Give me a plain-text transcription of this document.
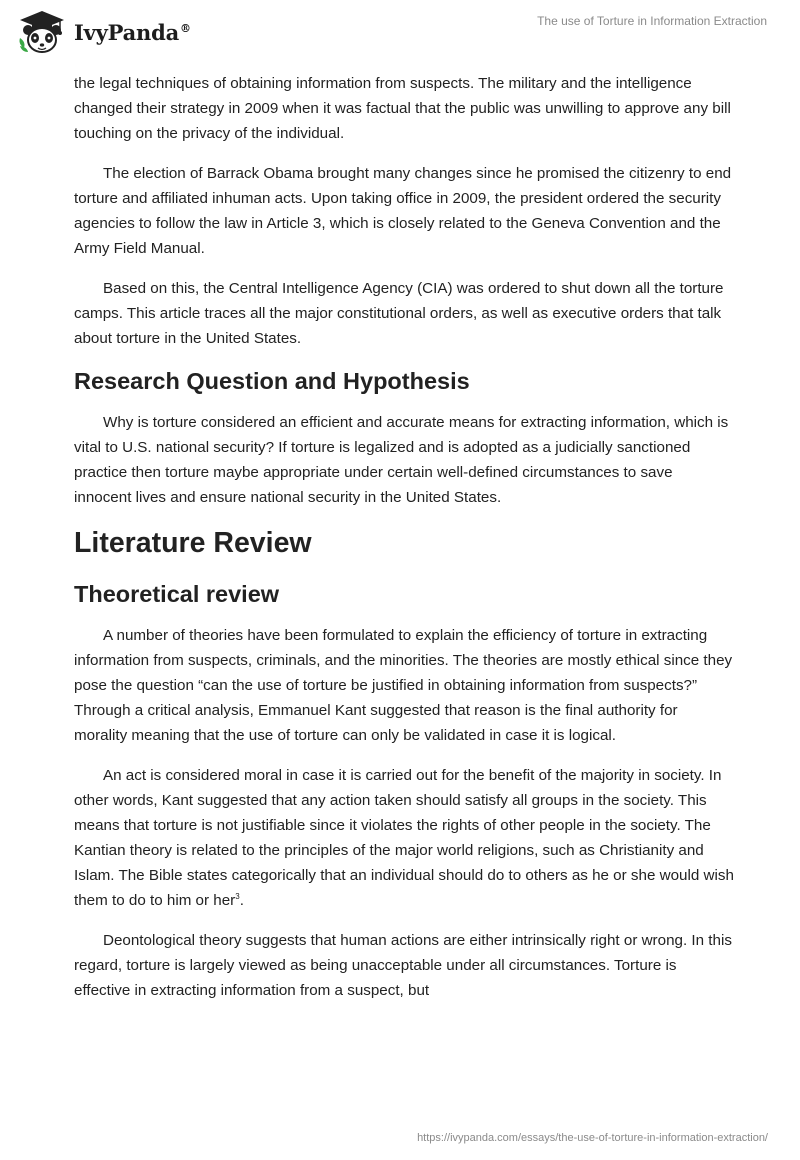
IvyPanda®	The use of Torture in Information Extraction

the legal techniques of obtaining information from suspects. The military and the intelligence changed their strategy in 2009 when it was factual that the public was unwilling to approve any bill touching on the privacy of the individual.

The election of Barrack Obama brought many changes since he promised the citizenry to end torture and affiliated inhuman acts. Upon taking office in 2009, the president ordered the security agencies to follow the law in Article 3, which is closely related to the Geneva Convention and the Army Field Manual.

Based on this, the Central Intelligence Agency (CIA) was ordered to shut down all the torture camps. This article traces all the major constitutional orders, as well as executive orders that talk about torture in the United States.

Research Question and Hypothesis

Why is torture considered an efficient and accurate means for extracting information, which is vital to U.S. national security? If torture is legalized and is adopted as a judicially sanctioned practice then torture maybe appropriate under certain well-defined circumstances to save innocent lives and ensure national security in the United States.

Literature Review
Theoretical review

A number of theories have been formulated to explain the efficiency of torture in extracting information from suspects, criminals, and the minorities. The theories are mostly ethical since they pose the question “can the use of torture be justified in obtaining information from suspects?” Through a critical analysis, Emmanuel Kant suggested that reason is the final authority for morality meaning that the use of torture can only be validated in case it is logical.

An act is considered moral in case it is carried out for the benefit of the majority in society. In other words, Kant suggested that any action taken should satisfy all groups in the society. This means that torture is not justifiable since it violates the rights of other people in the society. The Kantian theory is related to the principles of the major world religions, such as Christianity and Islam. The Bible states categorically that an individual should do to others as he or she would wish them to do to him or her$^3$.

Deontological theory suggests that human actions are either intrinsically right or wrong. In this regard, torture is largely viewed as being unacceptable under all circumstances. Torture is effective in extracting information from a suspect, but

https://ivypanda.com/essays/the-use-of-torture-in-information-extraction/
